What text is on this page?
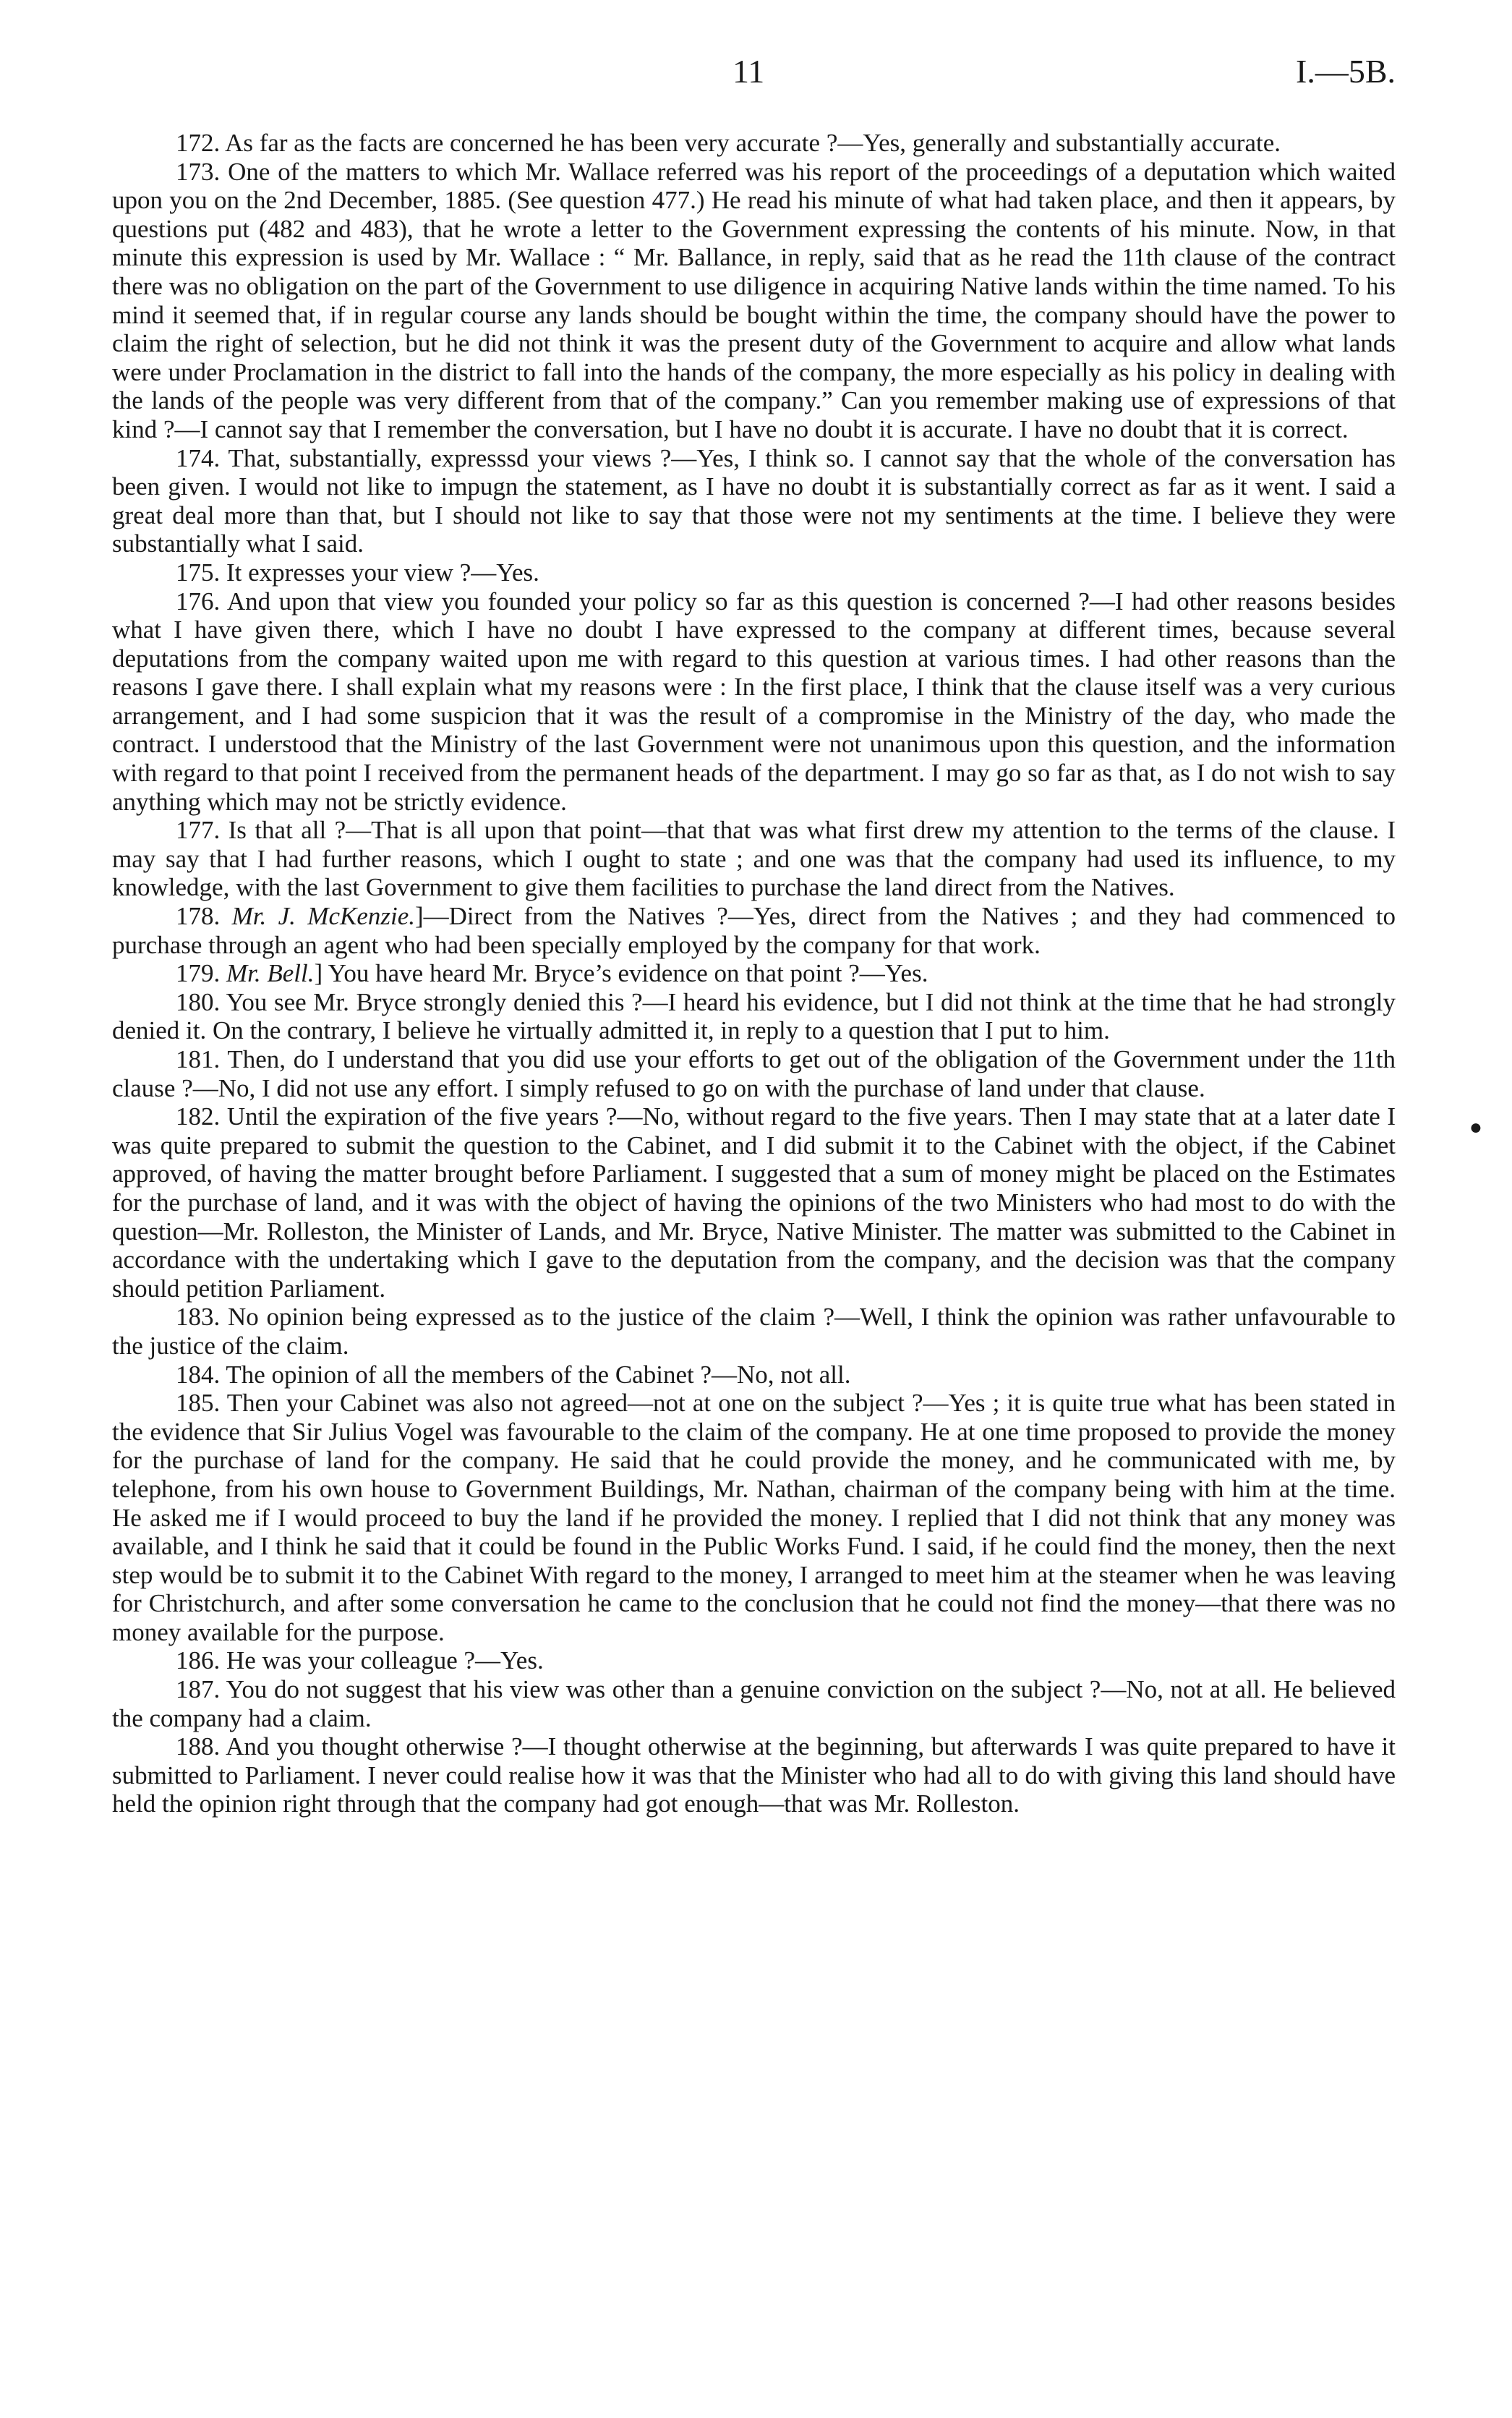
11	I.—5B.

172. As far as the facts are concerned he has been very accurate ?—Yes, generally and substantially accurate.

173. One of the matters to which Mr. Wallace referred was his report of the proceedings of a deputation which waited upon you on the 2nd December, 1885. (See question 477.) He read his minute of what had taken place, and then it appears, by questions put (482 and 483), that he wrote a letter to the Government expressing the contents of his minute. Now, in that minute this expression is used by Mr. Wallace : “ Mr. Ballance, in reply, said that as he read the 11th clause of the contract there was no obligation on the part of the Government to use diligence in acquiring Native lands within the time named. To his mind it seemed that, if in regular course any lands should be bought within the time, the company should have the power to claim the right of selection, but he did not think it was the present duty of the Government to acquire and allow what lands were under Proclamation in the district to fall into the hands of the company, the more especially as his policy in dealing with the lands of the people was very different from that of the company.” Can you remember making use of expressions of that kind ?—I cannot say that I remember the conversation, but I have no doubt it is accurate. I have no doubt that it is correct.

174. That, substantially, expresssd your views ?—Yes, I think so. I cannot say that the whole of the conversation has been given. I would not like to impugn the statement, as I have no doubt it is substantially correct as far as it went. I said a great deal more than that, but I should not like to say that those were not my sentiments at the time. I believe they were substantially what I said.

175. It expresses your view ?—Yes.

176. And upon that view you founded your policy so far as this question is concerned ?—I had other reasons besides what I have given there, which I have no doubt I have expressed to the company at different times, because several deputations from the company waited upon me with regard to this question at various times. I had other reasons than the reasons I gave there. I shall explain what my reasons were : In the first place, I think that the clause itself was a very curious arrangement, and I had some suspicion that it was the result of a compromise in the Ministry of the day, who made the contract. I understood that the Ministry of the last Government were not unanimous upon this question, and the information with regard to that point I received from the permanent heads of the department. I may go so far as that, as I do not wish to say anything which may not be strictly evidence.

177. Is that all ?—That is all upon that point—that that was what first drew my attention to the terms of the clause. I may say that I had further reasons, which I ought to state ; and one was that the company had used its influence, to my knowledge, with the last Government to give them facilities to purchase the land direct from the Natives.

178. Mr. J. McKenzie.]—Direct from the Natives ?—Yes, direct from the Natives ; and they had commenced to purchase through an agent who had been specially employed by the company for that work.

179. Mr. Bell.] You have heard Mr. Bryce’s evidence on that point ?—Yes.

180. You see Mr. Bryce strongly denied this ?—I heard his evidence, but I did not think at the time that he had strongly denied it. On the contrary, I believe he virtually admitted it, in reply to a question that I put to him.

181. Then, do I understand that you did use your efforts to get out of the obligation of the Government under the 11th clause ?—No, I did not use any effort. I simply refused to go on with the purchase of land under that clause.

182. Until the expiration of the five years ?—No, without regard to the five years. Then I may state that at a later date I was quite prepared to submit the question to the Cabinet, and I did submit it to the Cabinet with the object, if the Cabinet approved, of having the matter brought before Parliament. I suggested that a sum of money might be placed on the Estimates for the purchase of land, and it was with the object of having the opinions of the two Ministers who had most to do with the question—Mr. Rolleston, the Minister of Lands, and Mr. Bryce, Native Minister. The matter was submitted to the Cabinet in accordance with the undertaking which I gave to the deputation from the company, and the decision was that the company should petition Parliament.

183. No opinion being expressed as to the justice of the claim ?—Well, I think the opinion was rather unfavourable to the justice of the claim.

184. The opinion of all the members of the Cabinet ?—No, not all.

185. Then your Cabinet was also not agreed—not at one on the subject ?—Yes ; it is quite true what has been stated in the evidence that Sir Julius Vogel was favourable to the claim of the company. He at one time proposed to provide the money for the purchase of land for the company. He said that he could provide the money, and he communicated with me, by telephone, from his own house to Government Buildings, Mr. Nathan, chairman of the company being with him at the time. He asked me if I would proceed to buy the land if he provided the money. I replied that I did not think that any money was available, and I think he said that it could be found in the Public Works Fund. I said, if he could find the money, then the next step would be to submit it to the Cabinet With regard to the money, I arranged to meet him at the steamer when he was leaving for Christchurch, and after some conversation he came to the conclusion that he could not find the money—that there was no money available for the purpose.

186. He was your colleague ?—Yes.

187. You do not suggest that his view was other than a genuine conviction on the subject ?—No, not at all. He believed the company had a claim.

188. And you thought otherwise ?—I thought otherwise at the beginning, but afterwards I was quite prepared to have it submitted to Parliament. I never could realise how it was that the Minister who had all to do with giving this land should have held the opinion right through that the company had got enough—that was Mr. Rolleston.

●
